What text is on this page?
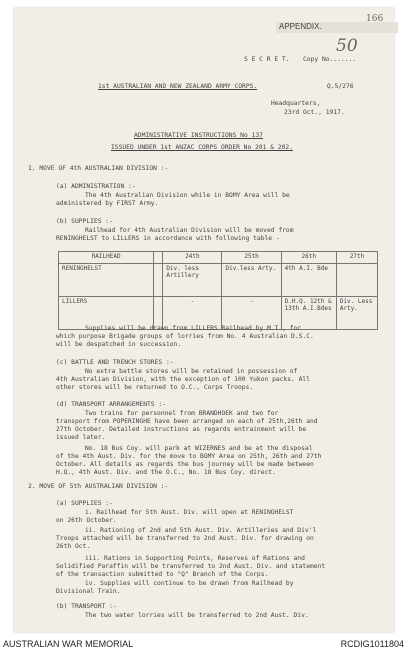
APPENDIX.
166
S E C R E T. Copy No.......
50
1st AUSTRALIAN AND NEW ZEALAND ARMY CORPS.	Q.5/276
Headquarters,
23rd Oct., 1917.
ADMINISTRATIVE INSTRUCTIONS No 137
ISSUED UNDER 1st ANZAC CORPS ORDER No 201 & 202.
1. MOVE OF 4th AUSTRALIAN DIVISION :-
(a) ADMINISTRATION :-
The 4th Australian Division while in BOMY Area will be
administered by FIRST Army.
(b) SUPPLIES :-
Railhead for 4th Australian Division will be moved from
RENINGHELST to LILLERS in accordance with following table -
RAILHEAD		24th	25th	26th	27th
RENINGHELST		Div. less Artillery	Div.less Arty.	4th A.I. Bde	
LILLERS		-	-	D.H.Q. 12th & 13th A.I.Bdes	Div. Less Arty.
Supplies will be drawn from LILLERS Railhead by M.T., for
which purpose Brigade groups of lorries from No. 4 Australian D.S.C.
will be despatched in succession.
(c) BATTLE AND TRENCH STORES :-
No extra battle stores will be retained in possession of
4th Australian Division, with the exception of 100 Yukon packs. All
other stores will be returned to O.C., Corps Troops.
(d) TRANSPORT ARRANGEMENTS :-
Two trains for personnel from BRANDHOEK and two for
transport from POPERINGHE have been arranged on each of 25th,26th and
27th October. Detailed instructions as regards entrainment will be
issued later.
No. 18 Bus Coy. will park at WIZERNES and be at the disposal
of the 4th Aust. Div. for the move to BOMY Area on 25th, 26th and 27th
October. All details as regards the bus journey will be made between
H.Q., 4th Aust. Div. and the O.C., No. 18 Bus Coy. direct.
2. MOVE OF 5th AUSTRALIAN DIVISION :-
(a) SUPPLIES :-
i. Railhead for 5th Aust. Div. will open at RENINGHELST
on 26th October.
ii. Rationing of 2nd and 5th Aust. Div. Artilleries and Div'l
Troops attached will be transferred to 2nd Aust. Div. for drawing on
26th Oct.
iii. Rations in Supporting Points, Reserves of Rations and
Solidified Paraffin will be transferred to 2nd Aust. Div. and statement
of the transaction submitted to "Q" Branch of the Corps.
iv. Supplies will continue to be drawn from Railhead by
Divisional Train.
(b) TRANSPORT :-
The two water lorries will be transferred to 2nd Aust. Div.
AUSTRALIAN WAR MEMORIAL	RCDIG1011804
